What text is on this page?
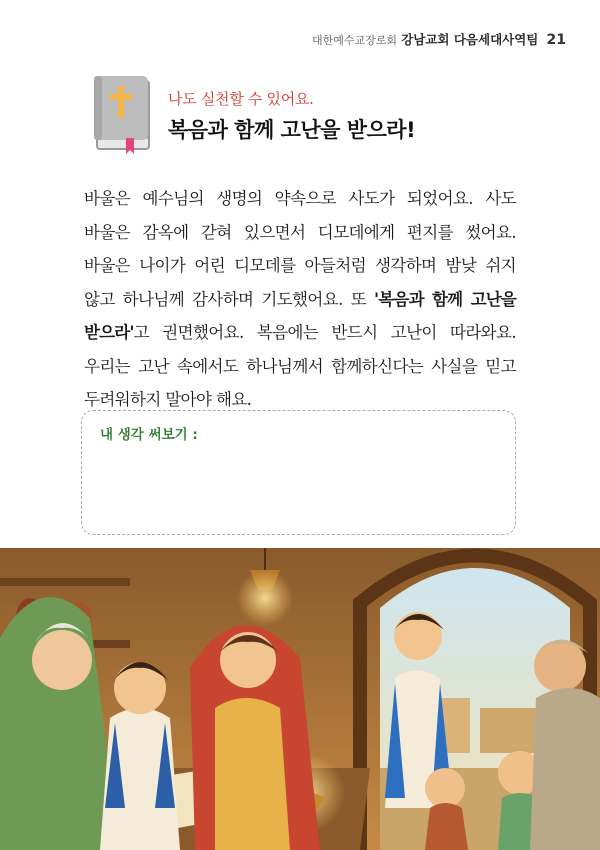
대한예수교장로회 강남교회 다음세대사역팀 21
나도 실천할 수 있어요.
복음과 함께 고난을 받으라!
바울은 예수님의 생명의 약속으로 사도가 되었어요. 사도 바울은 감옥에 갇혀 있으면서 디모데에게 편지를 썼어요. 바울은 나이가 어린 디모데를 아들처럼 생각하며 밤낮 쉬지 않고 하나님께 감사하며 기도했어요. 또 '복음과 함께 고난을 받으라'고 권면했어요. 복음에는 반드시 고난이 따라와요. 우리는 고난 속에서도 하나님께서 함께하신다는 사실을 믿고 두려워하지 말아야 해요.
내 생각 써보기 :
